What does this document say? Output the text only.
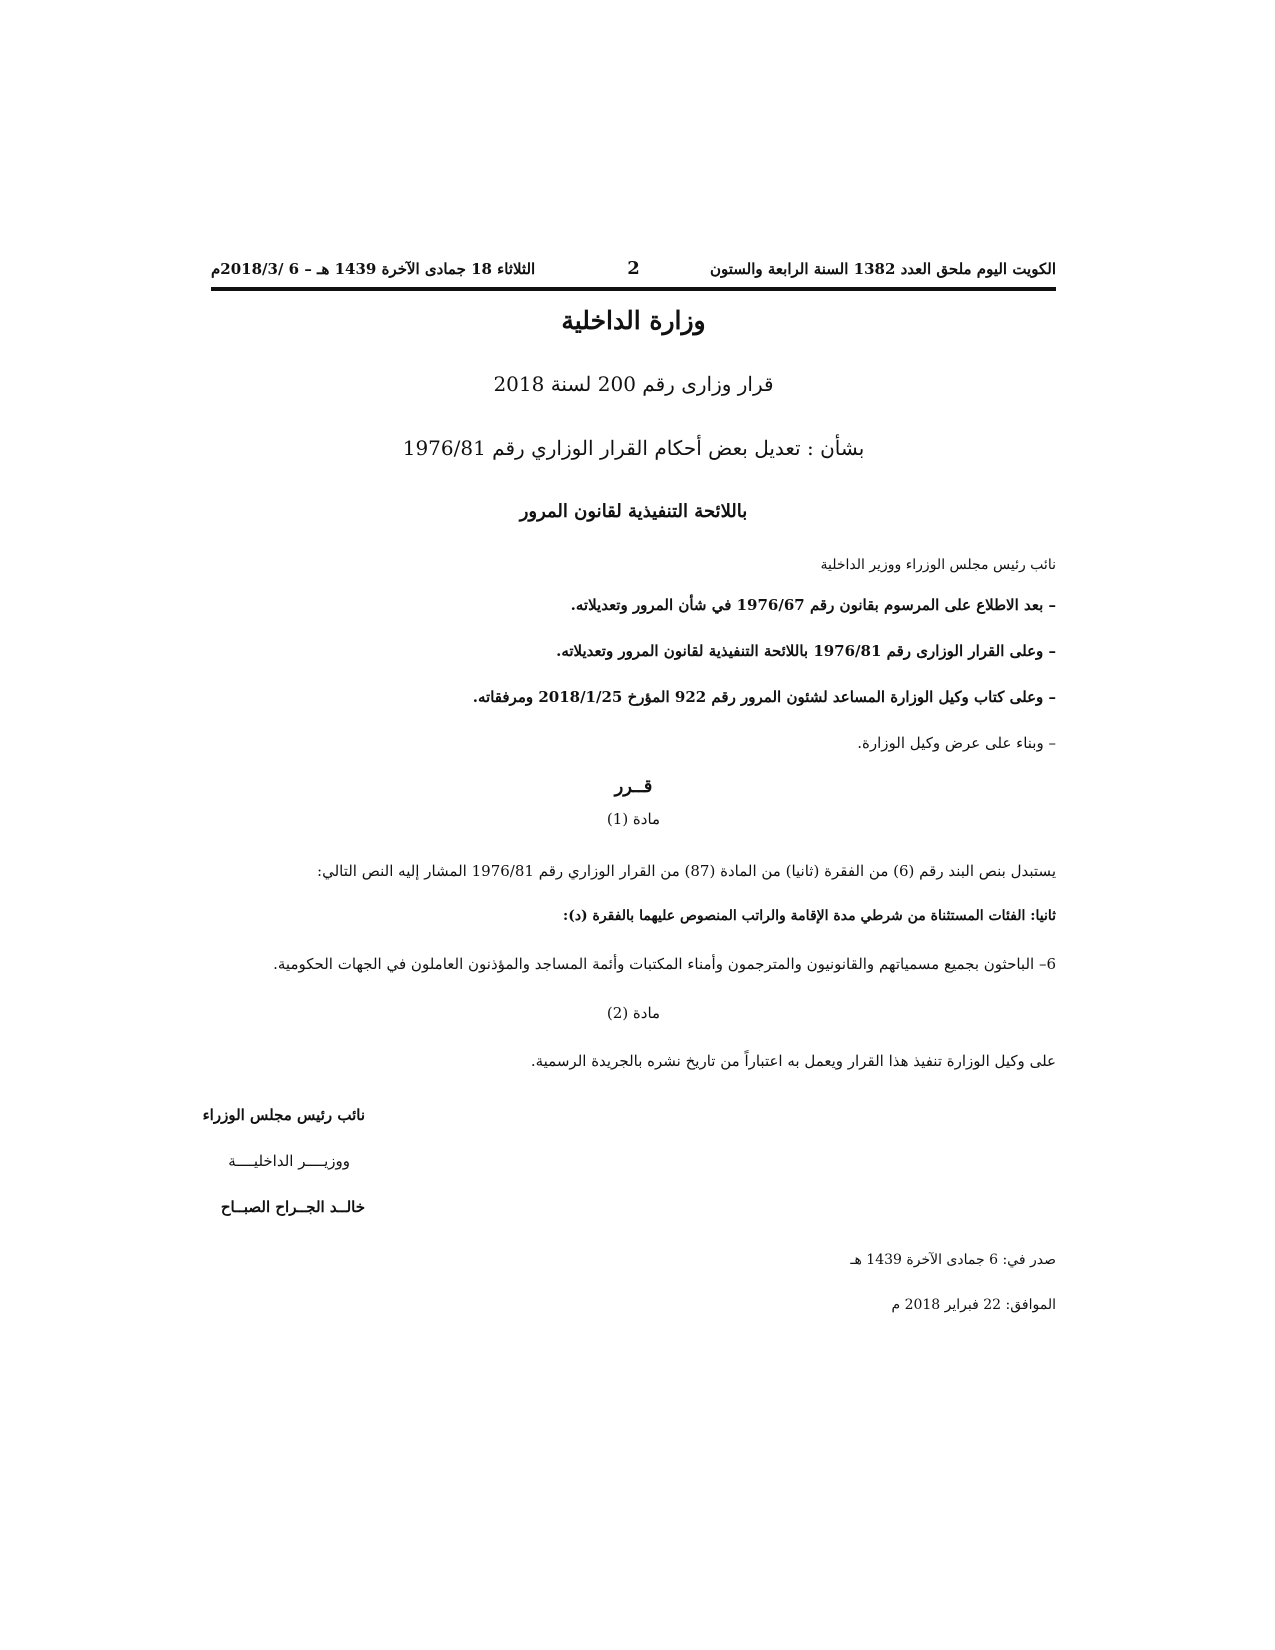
الكويت اليوم ملحق العدد 1382 السنة الرابعة والستون
2
الثلاثاء 18 جمادى الآخرة 1439 هـ – 6 /2018/3م
وزارة الداخلية
قرار وزارى رقم 200 لسنة 2018
بشأن : تعديل بعض أحكام القرار الوزاري رقم 1976/81
باللائحة التنفيذية لقانون المرور
نائب رئيس مجلس الوزراء ووزير الداخلية
– بعد الاطلاع على المرسوم بقانون رقم 1976/67 في شأن المرور وتعديلاته.
– وعلى القرار الوزارى رقم 1976/81 باللائحة التنفيذية لقانون المرور وتعديلاته.
– وعلى كتاب وكيل الوزارة المساعد لشئون المرور رقم 922 المؤرخ 2018/1/25 ومرفقاته.
– وبناء على عرض وكيل الوزارة.
قــرر
مادة (1)
يستبدل بنص البند رقم (6) من الفقرة (ثانيا) من المادة (87) من القرار الوزاري رقم 1976/81 المشار إليه النص التالي:
ثانيا: الفئات المستثناة من شرطي مدة الإقامة والراتب المنصوص عليهما بالفقرة (د):
6– الباحثون بجميع مسمياتهم والقانونيون والمترجمون وأمناء المكتبات وأئمة المساجد والمؤذنون العاملون في الجهات الحكومية.
مادة (2)
على وكيل الوزارة تنفيذ هذا القرار ويعمل به اعتباراً من تاريخ نشره بالجريدة الرسمية.
نائب رئيس مجلس الوزراء
ووزيــــر الداخليــــة
خالــد الجــراح الصبــاح
صدر في: 6 جمادى الآخرة 1439 هـ
الموافق: 22 فبراير 2018 م
